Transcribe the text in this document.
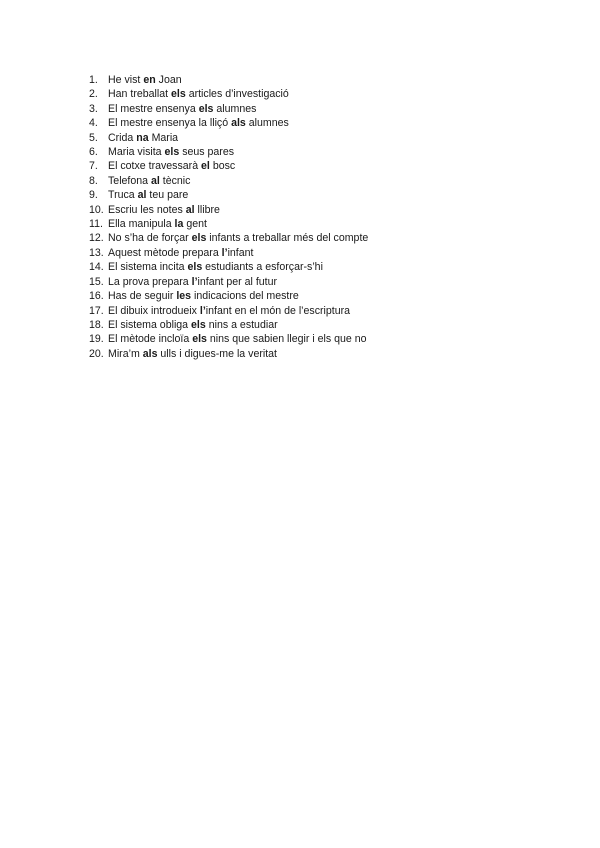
1. He vist en Joan
2. Han treballat els articles d’investigació
3. El mestre ensenya els alumnes
4. El mestre ensenya la lliçó als alumnes
5. Crida na Maria
6. Maria visita els seus pares
7. El cotxe travessarà el bosc
8. Telefona al tècnic
9. Truca al teu pare
10. Escriu les notes al llibre
11. Ella manipula la gent
12. No s’ha de forçar els infants a treballar més del compte
13. Aquest mètode prepara l’infant
14. El sistema incita els estudiants a esforçar-s’hi
15. La prova prepara l’infant per al futur
16. Has de seguir les indicacions del mestre
17. El dibuix introdueix l’infant en el món de l’escriptura
18. El sistema obliga els nins a estudiar
19. El mètode incloïa els nins que sabien llegir i els que no
20. Mira’m als ulls i digues-me la veritat
